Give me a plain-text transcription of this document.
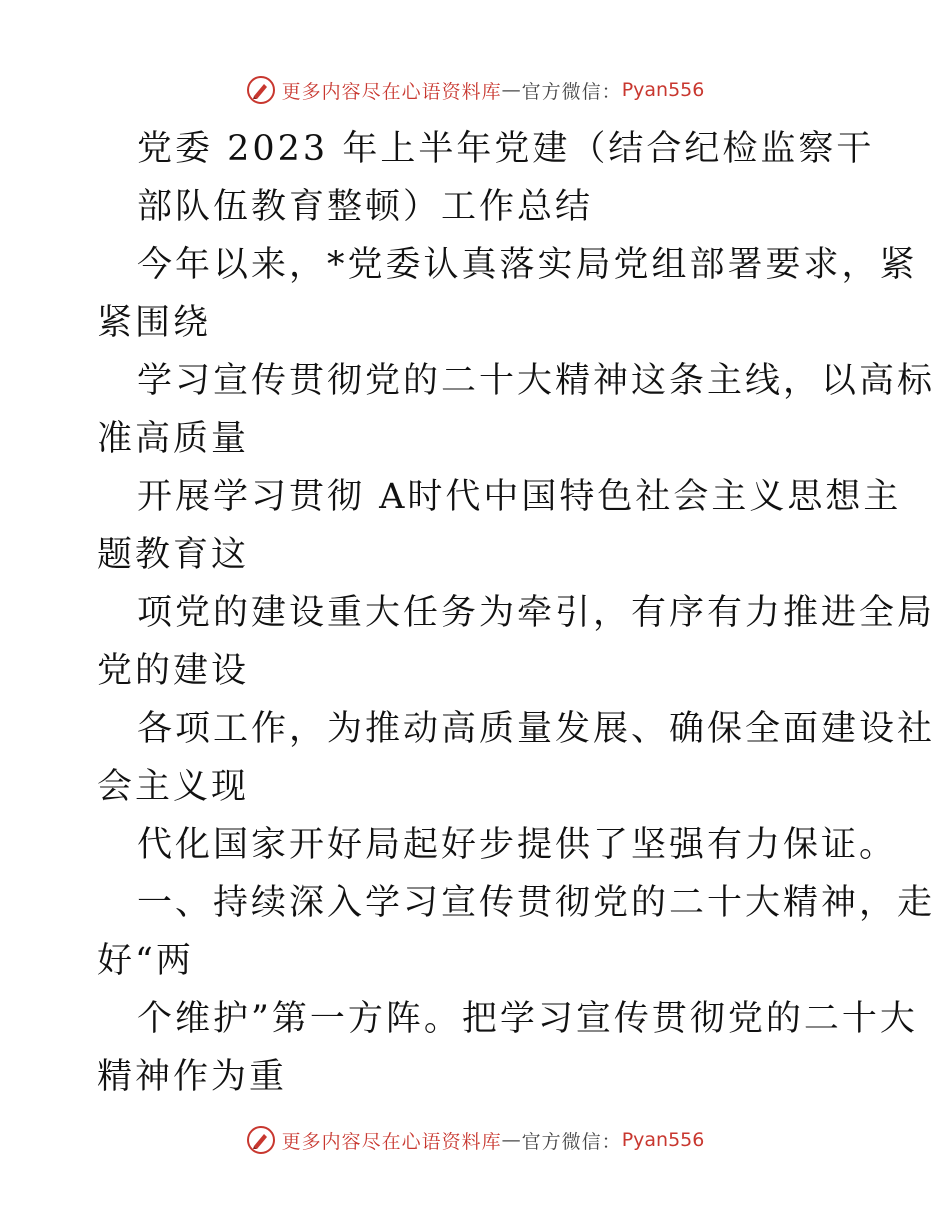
更多内容尽在心语资料库 — 官方微信： Pyan556
党委 2023 年上半年党建（结合纪检监察干
部队伍教育整顿）工作总结
今年以来，*党委认真落实局党组部署要求，紧
紧围绕
学习宣传贯彻党的二十大精神这条主线，以高标
准高质量
开展学习贯彻 A时代中国特色社会主义思想主
题教育这
项党的建设重大任务为牵引，有序有力推进全局
党的建设
各项工作，为推动高质量发展、确保全面建设社
会主义现
代化国家开好局起好步提供了坚强有力保证。
一、持续深入学习宣传贯彻党的二十大精神，走
好“两
个维护”第一方阵。把学习宣传贯彻党的二十大
精神作为重
更多内容尽在心语资料库 — 官方微信： Pyan556
